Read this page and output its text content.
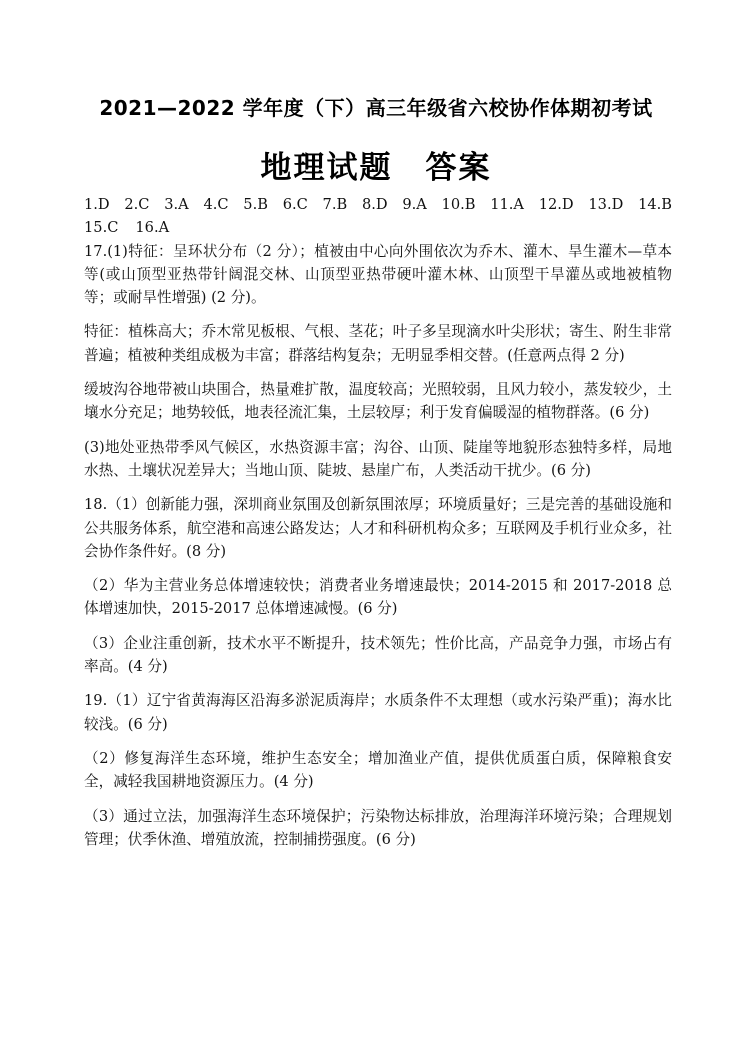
2021—2022 学年度（下）高三年级省六校协作体期初考试
地理试题　答案
1.D 2.C 3.A 4.C 5.B 6.C 7.B 8.D 9.A 10.B 11.A 12.D 13.D 14.B
15.C 16.A

17.(1)特征：呈环状分布（2 分）；植被由中心向外围依次为乔木、灌木、旱生灌木—草本等(或山顶型亚热带针阔混交林、山顶型亚热带硬叶灌木林、山顶型干旱灌丛或地被植物等；或耐旱性增强) (2 分)。

特征：植株高大；乔木常见板根、气根、茎花；叶子多呈现滴水叶尖形状；寄生、附生非常普遍；植被种类组成极为丰富；群落结构复杂；无明显季相交替。(任意两点得 2 分)

缓坡沟谷地带被山块围合，热量难扩散，温度较高；光照较弱，且风力较小，蒸发较少，土壤水分充足；地势较低，地表径流汇集，土层较厚；利于发育偏暖湿的植物群落。(6 分)

(3)地处亚热带季风气候区，水热资源丰富；沟谷、山顶、陡崖等地貌形态独特多样，局地水热、土壤状况差异大；当地山顶、陡坡、悬崖广布，人类活动干扰少。(6 分)

18.（1）创新能力强，深圳商业氛围及创新氛围浓厚；环境质量好；三是完善的基础设施和公共服务体系，航空港和高速公路发达；人才和科研机构众多；互联网及手机行业众多，社会协作条件好。(8 分)

（2）华为主营业务总体增速较快；消费者业务增速最快；2014-2015 和 2017-2018 总体增速加快，2015-2017 总体增速减慢。(6 分)

（3）企业注重创新，技术水平不断提升，技术领先；性价比高，产品竞争力强，市场占有率高。(4 分)

19.（1）辽宁省黄海海区沿海多淤泥质海岸；水质条件不太理想（或水污染严重)；海水比较浅。(6 分)

（2）修复海洋生态环境，维护生态安全；增加渔业产值，提供优质蛋白质，保障粮食安全，减轻我国耕地资源压力。(4 分)

（3）通过立法，加强海洋生态环境保护；污染物达标排放，治理海洋环境污染；合理规划管理；伏季休渔、增殖放流，控制捕捞强度。(6 分)
